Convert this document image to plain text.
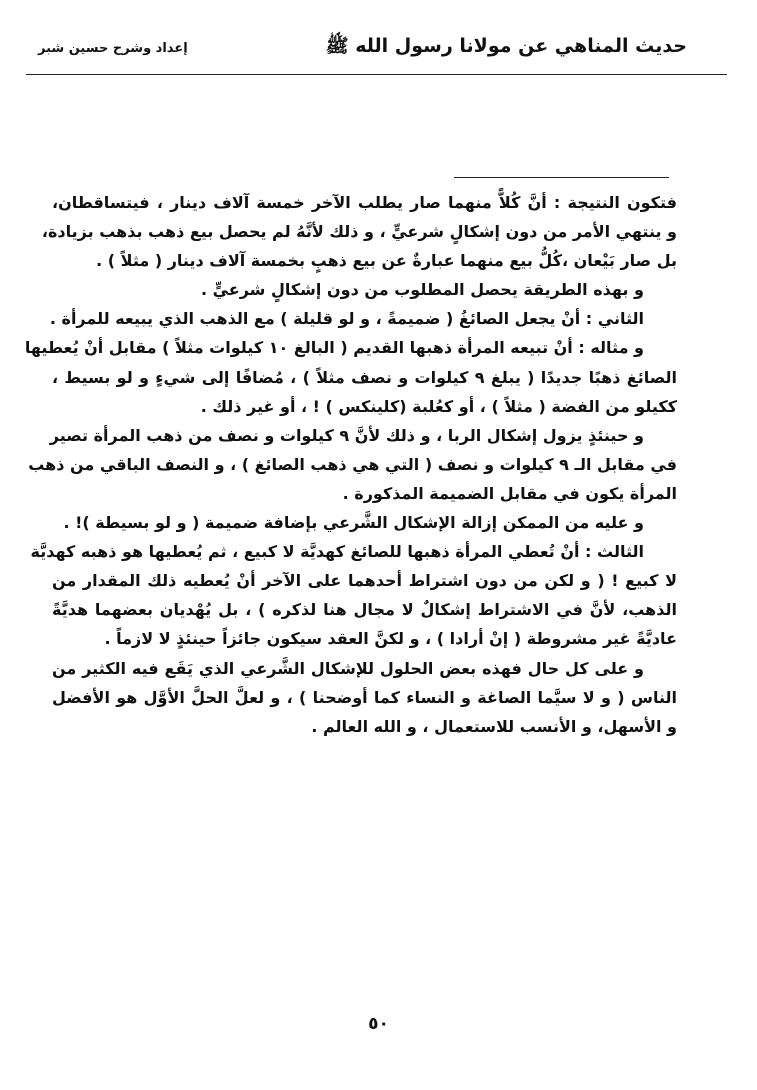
حديث المناهي عن مولانا رسول الله ﷺ
إعداد وشرح حسين شبر
فتكون النتيجة : أنَّ كُلاًّ منهما صار يطلب الآخر خمسة آلاف دينار ، فيتساقطان،
و ينتهي الأمر من دون إشكالٍ شرعيٍّ ، و ذلك لأنَّهُ لم يحصل بيع ذهب بذهب بزيادة،
بل صار بَيْعان ،كُلُّ بيع منهما عبارةٌ عن بيع ذهبٍ بخمسة آلاف دينار ( مثلاً ) .
و بهذه الطريقة يحصل المطلوب من دون إشكالٍ شرعيٍّ .
الثاني : أنْ يجعل الصائغُ ( ضميمةً ، و لو قليلة ) مع الذهب الذي يبيعه للمرأة .
و مثاله : أنْ تبيعه المرأة ذهبها القديم ( البالغ ١٠ كيلوات مثلاً ) مقابل أنْ يُعطيها
الصائغ ذهبًا جديدًا ( يبلغ ٩ كيلوات و نصف مثلاً ) ، مُضافًا إلى شيءٍ و لو بسيط ،
ككيلو من الفضة ( مثلاً ) ، أو كعُلبة (كلينكس ) ! ، أو غير ذلك .
و حينئذٍ يزول إشكال الربا ، و ذلك لأنَّ ٩ كيلوات و نصف من ذهب المرأة تصير
في مقابل الـ ٩ كيلوات و نصف ( التي هي ذهب الصائغ ) ، و النصف الباقي من ذهب
المرأة يكون في مقابل الضميمة المذكورة .
و عليه من الممكن إزالة الإشكال الشَّرعي بإضافة ضميمة ( و لو بسيطة )! .
الثالث : أنْ تُعطي المرأة ذهبها للصائغ كهديَّة لا كبيع ، ثم يُعطيها هو ذهبه كهديَّة
لا كبيع ! ( و لكن من دون اشتراط أحدهما على الآخر أنْ يُعطيه ذلك المقدار من
الذهب، لأنَّ في الاشتراط إشكالٌ لا مجال هنا لذكره ) ، بل يُهْديان بعضهما هديَّةً
عاديَّةً غير مشروطة ( إنْ أرادا ) ، و لكنَّ العقد سيكون جائزاً حينئذٍ لا لازماً .
و على كل حال فهذه بعض الحلول للإشكال الشَّرعي الذي يَقَع فيه الكثير من
الناس ( و لا سيَّما الصاغة و النساء كما أوضحنا ) ، و لعلَّ الحلَّ الأوَّل هو الأفضل
و الأسهل، و الأنسب للاستعمال ، و الله العالم .
٥٠
